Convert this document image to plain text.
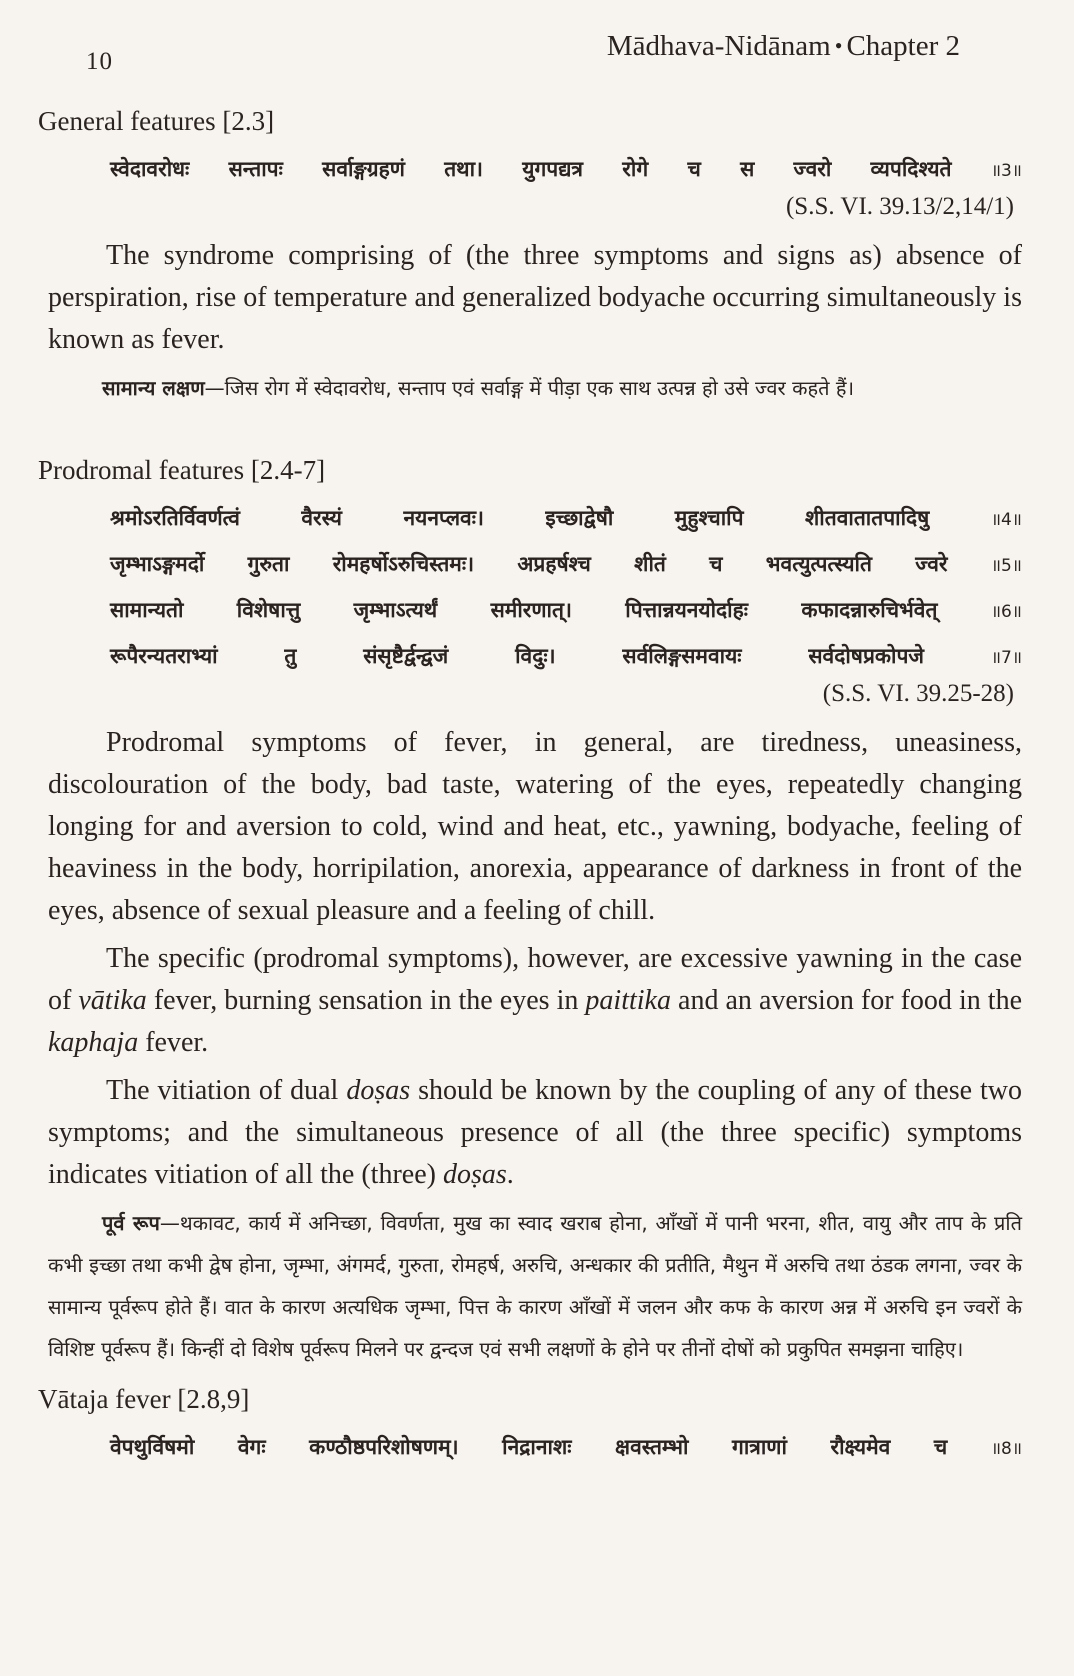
10	Mādhava-Nidānam • Chapter 2
General features [2.3]
स्वेदावरोधः सन्तापः सर्वाङ्गग्रहणं तथा। युगपद्यत्र रोगे च स ज्वरो व्यपदिश्यते ॥3॥
(S.S. VI. 39.13/2,14/1)

The syndrome comprising of (the three symptoms and signs as) absence of perspiration, rise of temperature and generalized bodyache occurring simultaneously is known as fever.

सामान्य लक्षण—जिस रोग में स्वेदावरोध, सन्ताप एवं सर्वाङ्ग में पीड़ा एक साथ उत्पन्न हो उसे ज्वर कहते हैं।

Prodromal features [2.4-7]
श्रमोऽरतिर्विवर्णत्वं वैरस्यं नयनप्लवः। इच्छाद्वेषौ मुहुश्चापि शीतवातातपादिषु	॥4॥
जृम्भाऽङ्गमर्दो गुरुता रोमहर्षोऽरुचिस्तमः। अप्रहर्षश्च शीतं च भवत्युत्पत्स्यति ज्वरे	॥5॥
सामान्यतो विशेषात्तु जृम्भाऽत्यर्थं समीरणात्। पित्तान्नयनयोर्दाहः कफादन्नारुचिर्भवेत्	॥6॥
रूपैरन्यतराभ्यां तु संसृष्टैर्द्वन्द्वजं विदुः। सर्वलिङ्गसमवायः सर्वदोषप्रकोपजे	॥7॥
(S.S. VI. 39.25-28)

Prodromal symptoms of fever, in general, are tiredness, uneasiness, discolouration of the body, bad taste, watering of the eyes, repeatedly changing longing for and aversion to cold, wind and heat, etc., yawning, bodyache, feeling of heaviness in the body, horripilation, anorexia, appearance of darkness in front of the eyes, absence of sexual pleasure and a feeling of chill.

The specific (prodromal symptoms), however, are excessive yawning in the case of vātika fever, burning sensation in the eyes in paittika and an aversion for food in the kaphaja fever.

The vitiation of dual doṣas should be known by the coupling of any of these two symptoms; and the simultaneous presence of all (the three specific) symptoms indicates vitiation of all the (three) doṣas.

पूर्व रूप—थकावट, कार्य में अनिच्छा, विवर्णता, मुख का स्वाद खराब होना, आँखों में पानी भरना, शीत, वायु और ताप के प्रति कभी इच्छा तथा कभी द्वेष होना, जृम्भा, अंगमर्द, गुरुता, रोमहर्ष, अरुचि, अन्धकार की प्रतीति, मैथुन में अरुचि तथा ठंडक लगना, ज्वर के सामान्य पूर्वरूप होते हैं। वात के कारण अत्यधिक जृम्भा, पित्त के कारण आँखों में जलन और कफ के कारण अन्न में अरुचि इन ज्वरों के विशिष्ट पूर्वरूप हैं। किन्हीं दो विशेष पूर्वरूप मिलने पर द्वन्दज एवं सभी लक्षणों के होने पर तीनों दोषों को प्रकुपित समझना चाहिए।

Vātaja fever [2.8,9]
वेपथुर्विषमो वेगः कण्ठौष्ठपरिशोषणम्। निद्रानाशः क्षवस्तम्भो गात्राणां रौक्ष्यमेव च	॥8॥
